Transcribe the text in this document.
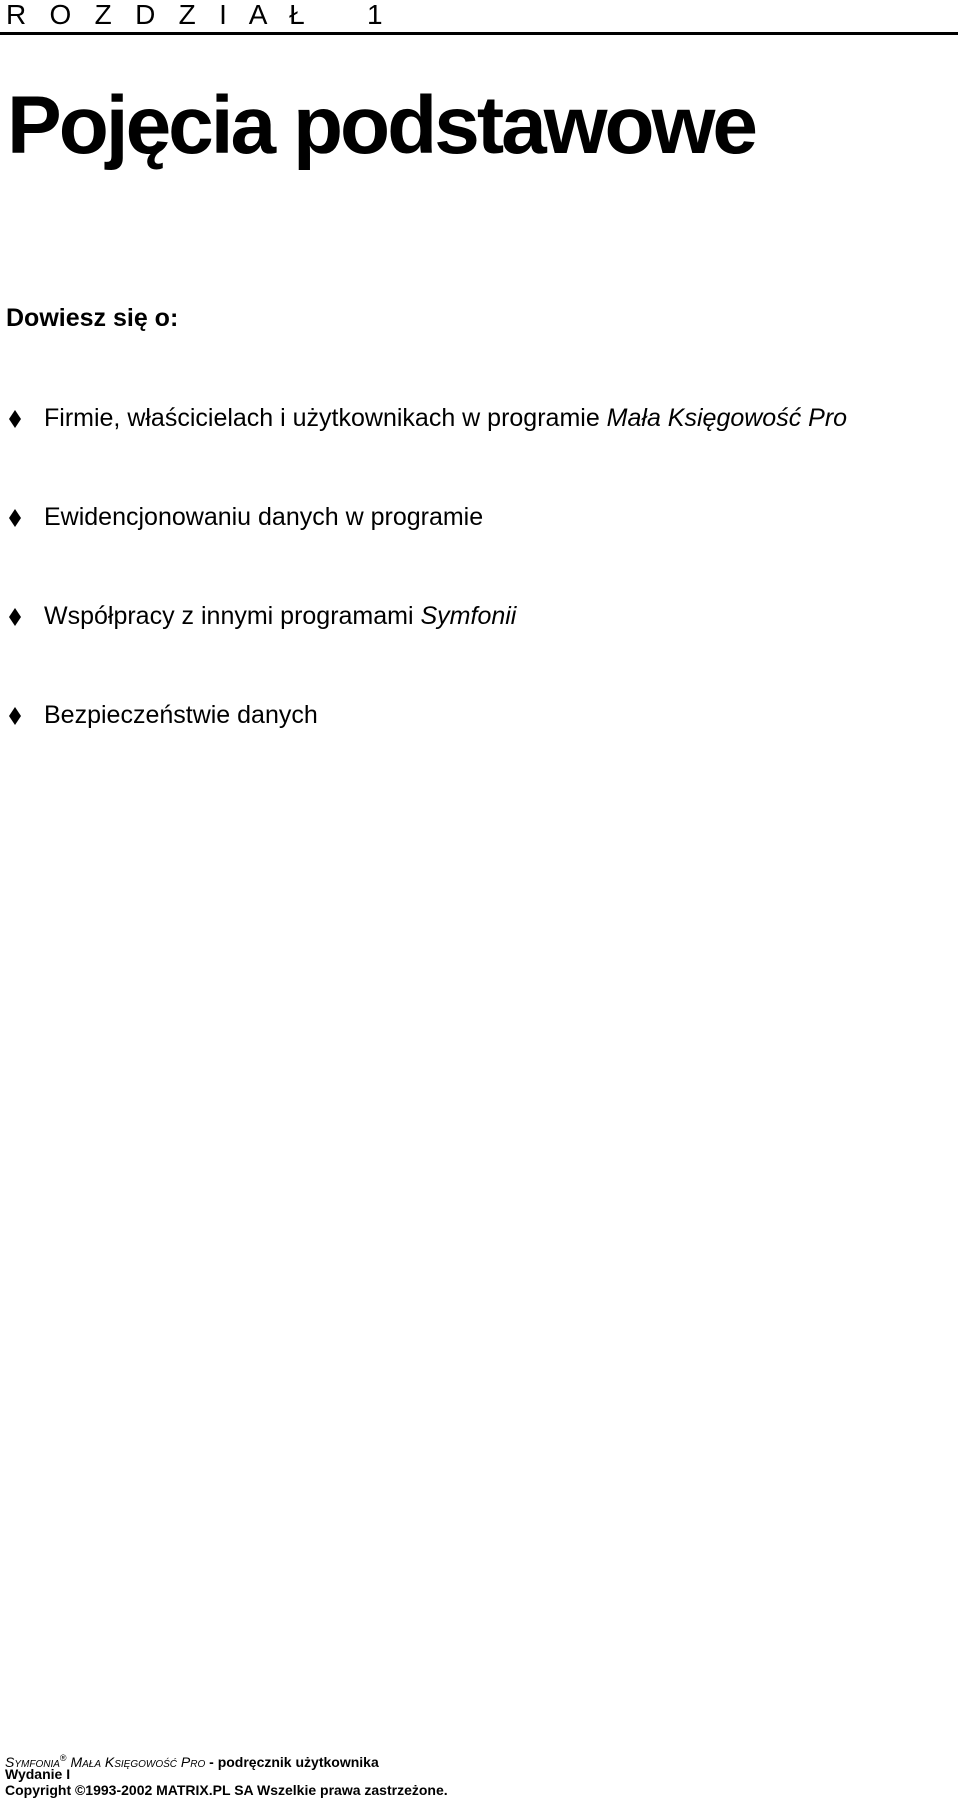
R   O   Z   D   Z   I   A   Ł        1
Pojęcia podstawowe
Dowiesz się o:
Firmie, właścicielach i użytkownikach w programie Mała Księgowość Pro
Ewidencjonowaniu danych w programie
Współpracy z innymi programami Symfonii
Bezpieczeństwie danych
Symfonia® Mała Księgowość Pro - podręcznik użytkownika
Wydanie I
Copyright ©1993-2002 MATRIX.PL SA Wszelkie prawa zastrzeżone.
